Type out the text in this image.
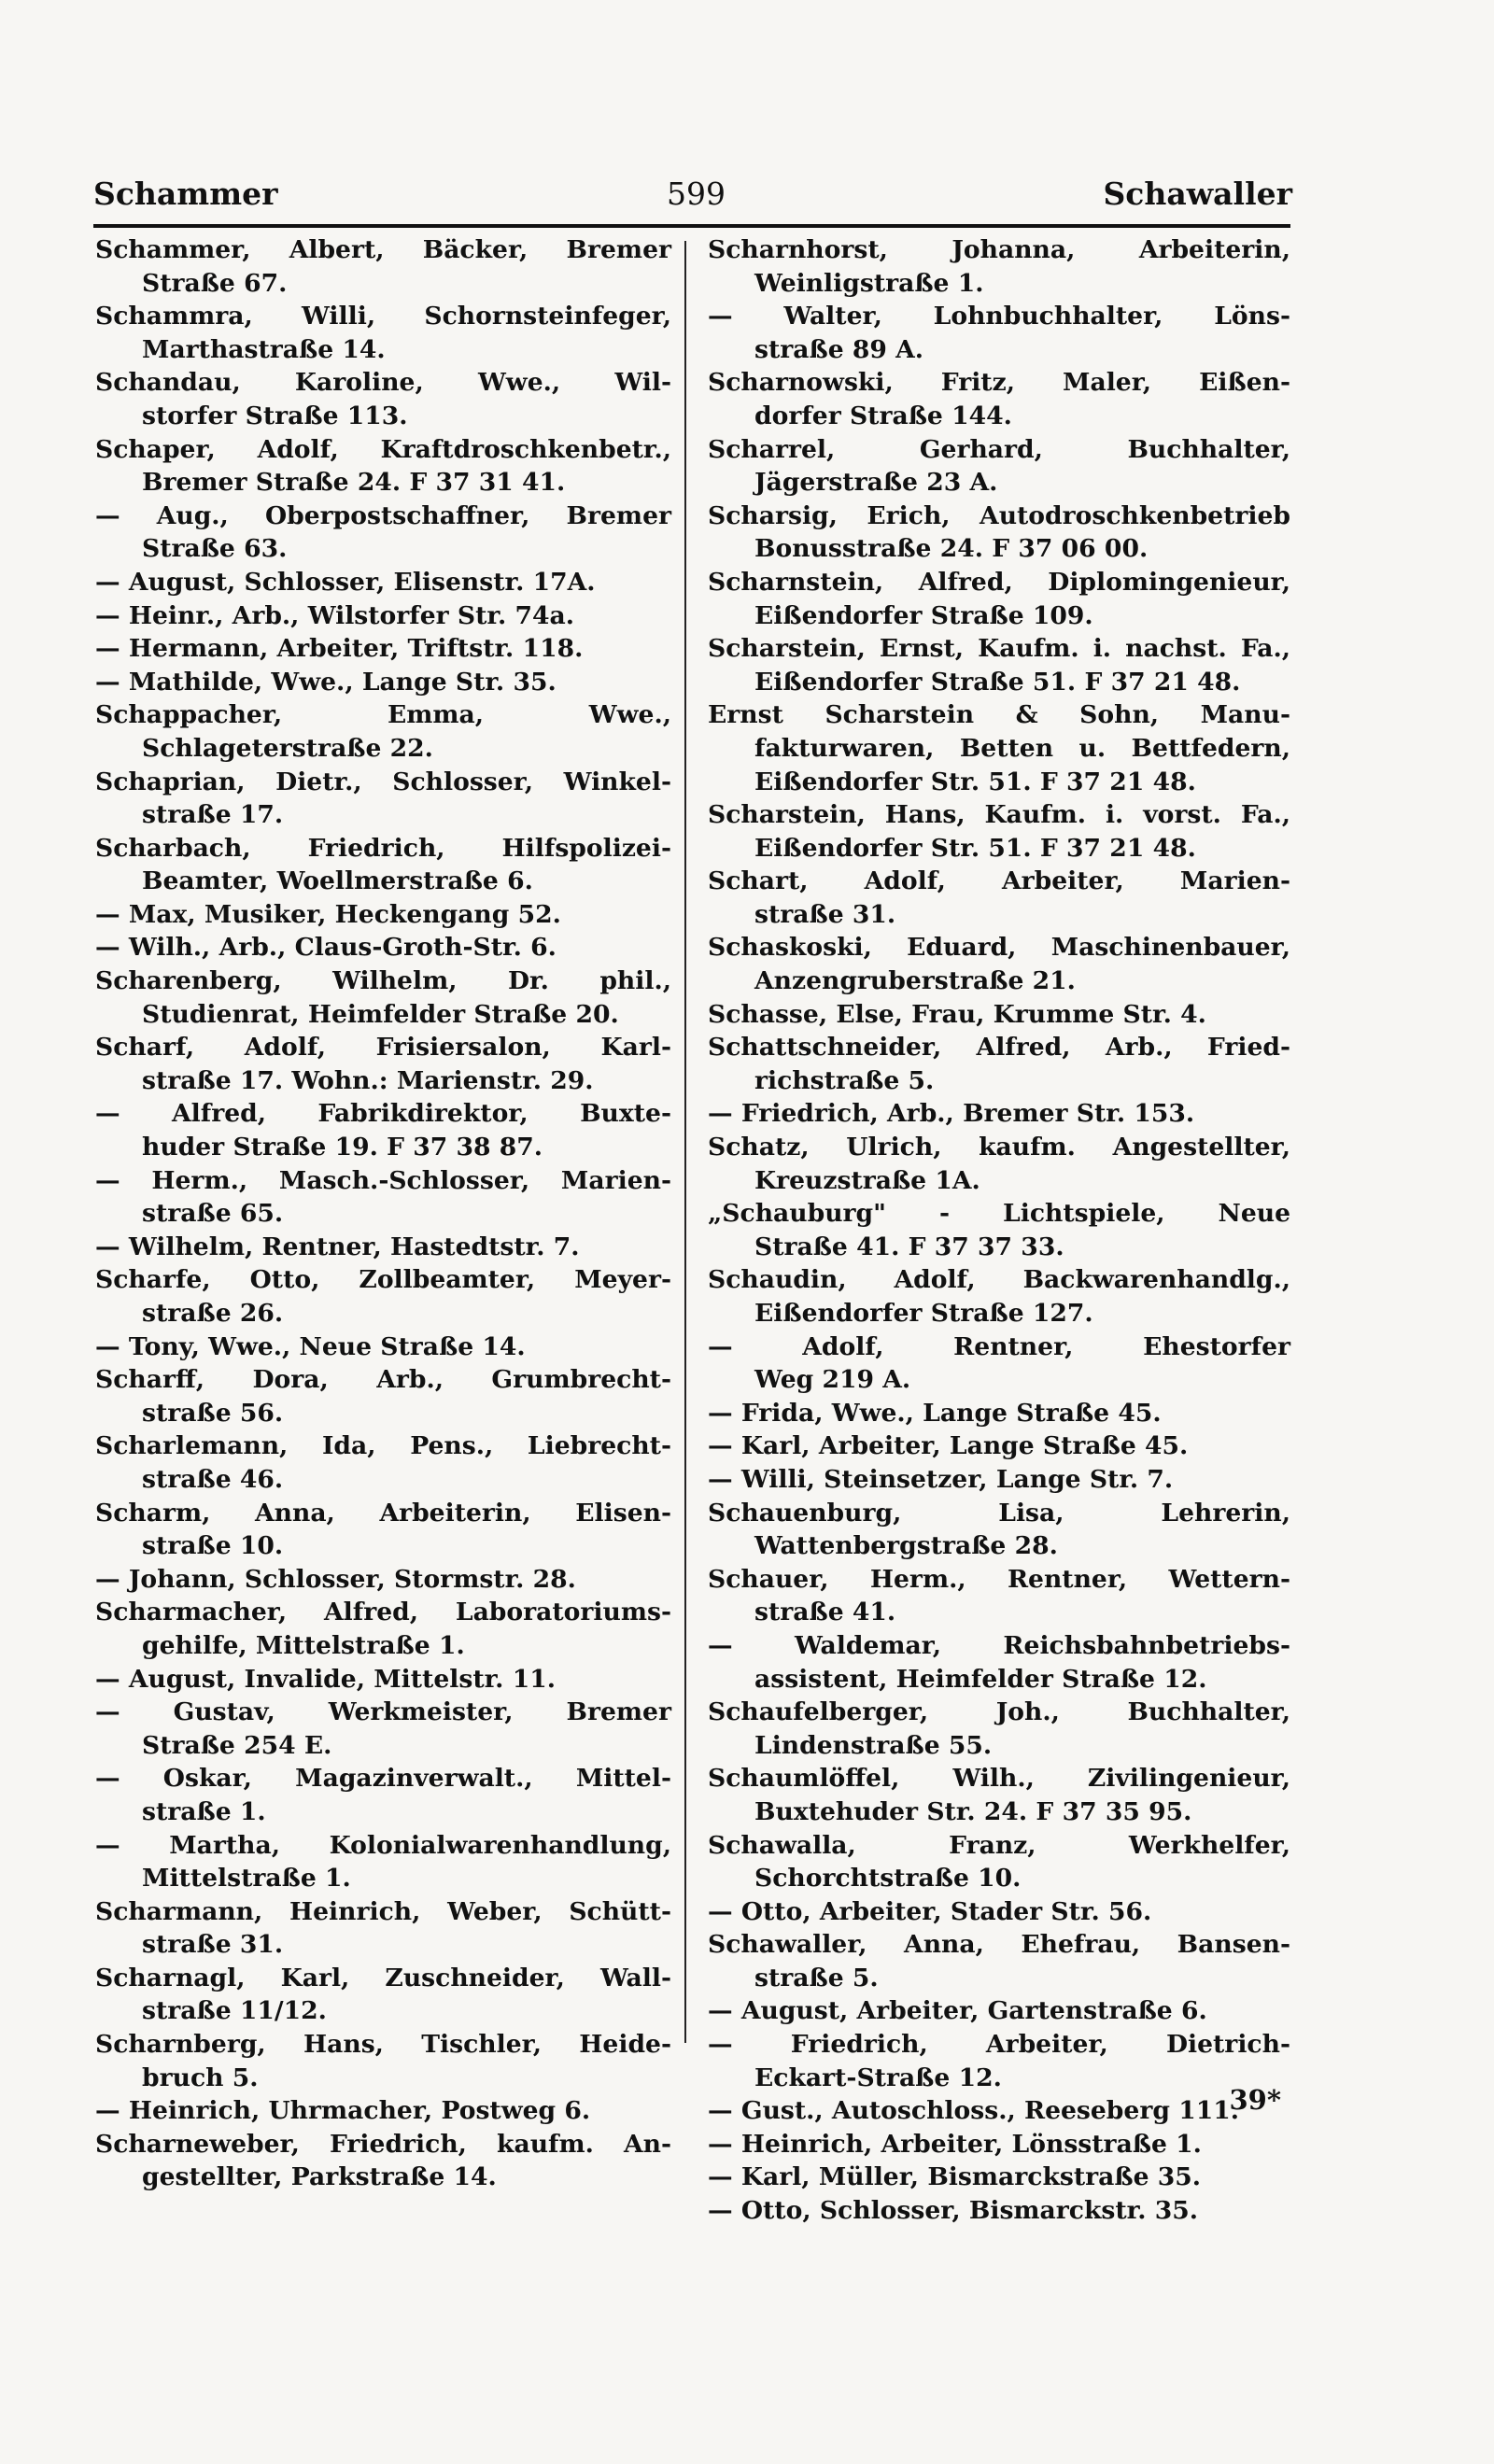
Schammer	599	Schawaller
Schammer, Albert, Bäcker, Bremer
Straße 67.
Schammra, Willi, Schornsteinfeger,
Marthastraße 14.
Schandau, Karoline, Wwe., Wil-
storfer Straße 113.
Schaper, Adolf, Kraftdroschkenbetr.,
Bremer Straße 24. F 37 31 41.
— Aug., Oberpostschaffner, Bremer
Straße 63.
— August, Schlosser, Elisenstr. 17A.
— Heinr., Arb., Wilstorfer Str. 74a.
— Hermann, Arbeiter, Triftstr. 118.
— Mathilde, Wwe., Lange Str. 35.
Schappacher, Emma, Wwe.,
Schlageterstraße 22.
Schaprian, Dietr., Schlosser, Winkel-
straße 17.
Scharbach, Friedrich, Hilfspolizei-
Beamter, Woellmerstraße 6.
— Max, Musiker, Heckengang 52.
— Wilh., Arb., Claus-Groth-Str. 6.
Scharenberg, Wilhelm, Dr. phil.,
Studienrat, Heimfelder Straße 20.
Scharf, Adolf, Frisiersalon, Karl-
straße 17. Wohn.: Marienstr. 29.
— Alfred, Fabrikdirektor, Buxte-
huder Straße 19. F 37 38 87.
— Herm., Masch.-Schlosser, Marien-
straße 65.
— Wilhelm, Rentner, Hastedtstr. 7.
Scharfe, Otto, Zollbeamter, Meyer-
straße 26.
— Tony, Wwe., Neue Straße 14.
Scharff, Dora, Arb., Grumbrecht-
straße 56.
Scharlemann, Ida, Pens., Liebrecht-
straße 46.
Scharm, Anna, Arbeiterin, Elisen-
straße 10.
— Johann, Schlosser, Stormstr. 28.
Scharmacher, Alfred, Laboratoriums-
gehilfe, Mittelstraße 1.
— August, Invalide, Mittelstr. 11.
— Gustav, Werkmeister, Bremer
Straße 254 E.
— Oskar, Magazinverwalt., Mittel-
straße 1.
— Martha, Kolonialwarenhandlung,
Mittelstraße 1.
Scharmann, Heinrich, Weber, Schütt-
straße 31.
Scharnagl, Karl, Zuschneider, Wall-
straße 11/12.
Scharnberg, Hans, Tischler, Heide-
bruch 5.
— Heinrich, Uhrmacher, Postweg 6.
Scharneweber, Friedrich, kaufm. An-
gestellter, Parkstraße 14.
Scharnhorst, Johanna, Arbeiterin,
Weinligstraße 1.
— Walter, Lohnbuchhalter, Löns-
straße 89 A.
Scharnowski, Fritz, Maler, Eißen-
dorfer Straße 144.
Scharrel, Gerhard, Buchhalter,
Jägerstraße 23 A.
Scharsig, Erich, Autodroschkenbetrieb
Bonusstraße 24. F 37 06 00.
Scharnstein, Alfred, Diplomingenieur,
Eißendorfer Straße 109.
Scharstein, Ernst, Kaufm. i. nachst. Fa.,
Eißendorfer Straße 51. F 37 21 48.
Ernst Scharstein & Sohn, Manu-
fakturwaren, Betten u. Bettfedern,
Eißendorfer Str. 51. F 37 21 48.
Scharstein, Hans, Kaufm. i. vorst. Fa.,
Eißendorfer Str. 51. F 37 21 48.
Schart, Adolf, Arbeiter, Marien-
straße 31.
Schaskoski, Eduard, Maschinenbauer,
Anzengruberstraße 21.
Schasse, Else, Frau, Krumme Str. 4.
Schattschneider, Alfred, Arb., Fried-
richstraße 5.
— Friedrich, Arb., Bremer Str. 153.
Schatz, Ulrich, kaufm. Angestellter,
Kreuzstraße 1A.
„Schauburg" - Lichtspiele, Neue
Straße 41. F 37 37 33.
Schaudin, Adolf, Backwarenhandlg.,
Eißendorfer Straße 127.
— Adolf, Rentner, Ehestorfer
Weg 219 A.
— Frida, Wwe., Lange Straße 45.
— Karl, Arbeiter, Lange Straße 45.
— Willi, Steinsetzer, Lange Str. 7.
Schauenburg, Lisa, Lehrerin,
Wattenbergstraße 28.
Schauer, Herm., Rentner, Wettern-
straße 41.
— Waldemar, Reichsbahnbetriebs-
assistent, Heimfelder Straße 12.
Schaufelberger, Joh., Buchhalter,
Lindenstraße 55.
Schaumlöffel, Wilh., Zivilingenieur,
Buxtehuder Str. 24. F 37 35 95.
Schawalla, Franz, Werkhelfer,
Schorchtstraße 10.
— Otto, Arbeiter, Stader Str. 56.
Schawaller, Anna, Ehefrau, Bansen-
straße 5.
— August, Arbeiter, Gartenstraße 6.
— Friedrich, Arbeiter, Dietrich-
Eckart-Straße 12.
— Gust., Autoschloss., Reeseberg 111.
— Heinrich, Arbeiter, Lönsstraße 1.
— Karl, Müller, Bismarckstraße 35.
— Otto, Schlosser, Bismarckstr. 35.
39*
